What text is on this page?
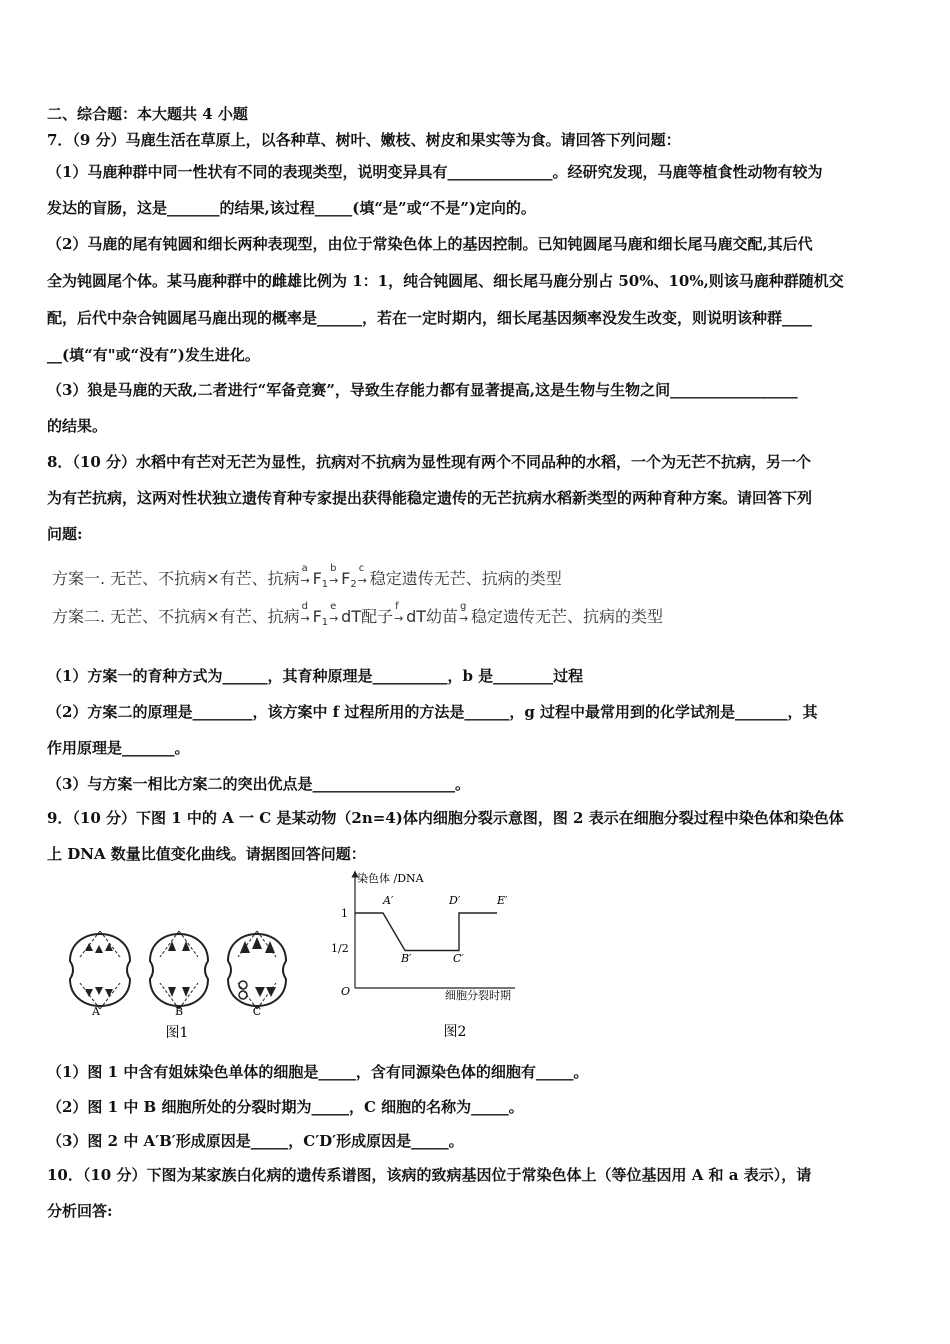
二、综合题：本大题共 4 小题
7．（9 分）马鹿生活在草原上，以各种草、树叶、嫩枝、树皮和果实等为食。请回答下列问题：
（1）马鹿种群中同一性状有不同的表现类型，说明变异具有______________。经研究发现，马鹿等植食性动物有较为
发达的盲肠，这是_______的结果,该过程_____(填“是”或“不是”)定向的。
（2）马鹿的尾有钝圆和细长两种表现型，由位于常染色体上的基因控制。已知钝圆尾马鹿和细长尾马鹿交配,其后代
全为钝圆尾个体。某马鹿种群中的雌雄比例为 1：1，纯合钝圆尾、细长尾马鹿分别占 50%、10%,则该马鹿种群随机交
配，后代中杂合钝圆尾马鹿出现的概率是______，若在一定时期内，细长尾基因频率没发生改变，则说明该种群____
__(填“有"或“没有”)发生进化。
（3）狼是马鹿的天敌,二者进行“军备竞赛”，导致生存能力都有显著提高,这是生物与生物之间_________________
的结果。
8．（10 分）水稻中有芒对无芒为显性，抗病对不抗病为显性现有两个不同品种的水稻，一个为无芒不抗病，另一个
为有芒抗病，这两对性状独立遗传育种专家提出获得能稳定遗传的无芒抗病水稻新类型的两种育种方案。请回答下列
问题:
方案一. 无芒、不抗病×有芒、抗病
a
→ $F_1$
b
→ $F_2$
c
→ 稳定遗传无芒、抗病的类型
方案二. 无芒、不抗病×有芒、抗病
d
→ $F_1$
e
→ dT配子
f
→ dT幼苗
g
→ 稳定遗传无芒、抗病的类型
（1）方案一的育种方式为______，其育种原理是__________，b 是________过程
（2）方案二的原理是________，该方案中 f 过程所用的方法是______，g 过程中最常用到的化学试剂是_______，其
作用原理是_______。
（3）与方案一相比方案二的突出优点是___________________。
9．（10 分）下图 1 中的 A 一 C 是某动物（2n=4)体内细胞分裂示意图，图 2 表示在细胞分裂过程中染色体和染色体
上 DNA 数量比值变化曲线。请据图回答问题：
A	B	C
图1
染色体 /DNA
细胞分裂时期
O
1
1/2
A′
B′	C′
D′	E′
图2
（1）图 1 中含有姐妹染色单体的细胞是_____，含有同源染色体的细胞有_____。
（2）图 1 中 B 细胞所处的分裂时期为_____，C 细胞的名称为_____。
（3）图 2 中 A′B′形成原因是_____，C′D′形成原因是_____。
10．（10 分）下图为某家族白化病的遗传系谱图，该病的致病基因位于常染色体上（等位基因用 A 和 a 表示），请
分析回答:
